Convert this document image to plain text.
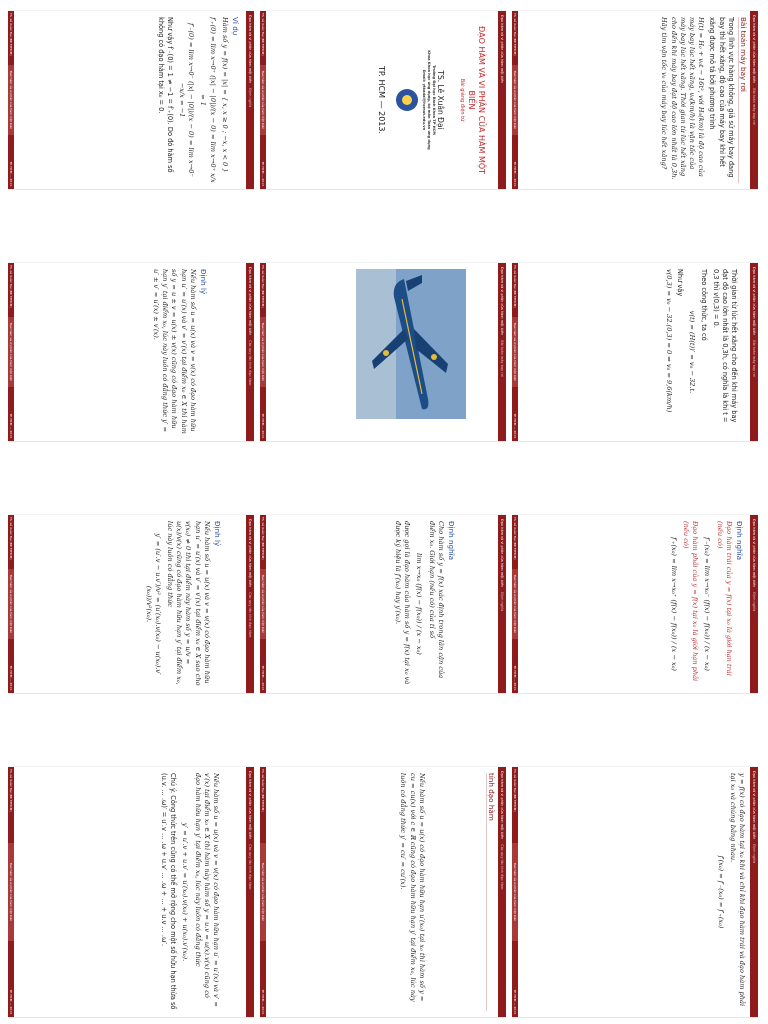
Đạo hàm và vi phân của hàm một biếnBài toán máy bay rơi
Bài toán máy bay rơi
Trong lĩnh vực hàng không, giả sử máy bay đang bay thì hết xăng, độ cao của máy bay khi hết xăng được mô tả bởi phương trình
H(t) = H₀ + v₀t − 16t², với H₀(km) là độ cao của máy bay lúc hết xăng, v₀(km/h) là vận tốc của máy bay lúc hết xăng. Thời gian từ lúc hết xăng cho đến khi máy bay đạt độ cao lớn nhất là 0,3h. Hãy tìm vận tốc v₀ của máy bay lúc hết xăng?
TS. Lê Xuân Đại (BK TPHCM)
Đạo hàm và vi phân của hàm một biến
TP. HCM — 2013.
Đạo hàm và vi phân của hàm một biếnBài toán máy bay rơi
Thời gian từ lúc hết xăng cho đến khi máy bay đạt độ cao lớn nhất là 0,3h, có nghĩa là khi t = 0,3 thì v(0,3) = 0.
Theo công thức, ta có
v(t) = (H(t))′ = v₀ − 32.t.
Như vậy
v(0,3) = v₀ − 32.(0,3) = 0 ⇒ v₀ = 9,6(km/h)
TS. Lê Xuân Đại (BK TPHCM)
Đạo hàm và vi phân của hàm một biến
TP. HCM — 2013.
Đạo hàm và vi phân của hàm một biếnĐịnh nghĩa
Định nghĩa
Đạo hàm trái của y = f(x) tại x₀ là giới hạn trái (nếu có)
f′₋(x₀) = lim x→x₀⁻ (f(x) − f(x₀)) / (x − x₀)
Đạo hàm phải của y = f(x) tại x₀ là giới hạn phải (nếu có)
f′₊(x₀) = lim x→x₀⁺ (f(x) − f(x₀)) / (x − x₀)
TS. Lê Xuân Đại (BK TPHCM)
Đạo hàm và vi phân của hàm một biến
TP. HCM — 2013.
Đạo hàm và vi phân của hàm một biếnĐịnh nghĩa
y = f(x) có đạo hàm tại x₀ khi và chỉ khi đạo hàm trái và đạo hàm phải tại x₀ và chúng bằng nhau.
f′(x₀) = f′₋(x₀) = f′₊(x₀)
TS. Lê Xuân Đại (BK TPHCM)
Đạo hàm và vi phân của hàm một biến
TP. HCM — 2013.
Đạo hàm và vi phân của hàm một biến
ĐẠO HÀM VÀ VI PHÂN CỦA HÀM MỘT BIẾN
Bài giảng điện tử
TS. Lê Xuân Đại
Trường Đại học Bách Khoa TP HCM
Khoa Khoa học ứng dụng, bộ môn Toán ứng dụng
Email: ytkadai@hcmut.edu.vn
TP. HCM — 2013.
TS. Lê Xuân Đại (BK TPHCM)
Đạo hàm và vi phân của hàm một biến
TP. HCM — 2013.
Đạo hàm và vi phân của hàm một biếnBài toán máy bay rơi
TS. Lê Xuân Đại (BK TPHCM)
Đạo hàm và vi phân của hàm một biến
TP. HCM — 2013.
Đạo hàm và vi phân của hàm một biếnĐịnh nghĩa
Định nghĩa
Cho hàm số y = f(x) xác định trong lân cận của điểm x₀. Giới hạn (nếu có) của tỉ số
lim x→x₀ (f(x) − f(x₀)) / (x − x₀)
được gọi là đạo hàm của hàm số y = f(x) tại x₀ và được ký hiệu là f′(x₀) hay y′(x₀).
TS. Lê Xuân Đại (BK TPHCM)
Đạo hàm và vi phân của hàm một biến
TP. HCM — 2013.
Đạo hàm và vi phân của hàm một biếnCác quy tắc tính đạo hàm
tính đạo hàm
Nếu hàm số u = u(x) có đạo hàm hữu hạn u′(x₀) tại x₀ thì hàm số y = cu = cu(x) với c ∈ ℝ cũng có đạo hàm hữu hạn y′ tại điểm x₀, lúc này luôn có đẳng thức y′ = cu′ = cu′(x).
TS. Lê Xuân Đại (BK TPHCM)
Đạo hàm và vi phân của hàm một biến
TP. HCM — 2013.
Đạo hàm và vi phân của hàm một biếnĐịnh nghĩa
Ví dụ
Hàm số y = f(x) = |x| = { x, x ≥ 0 ; −x, x < 0 }
f′₊(0) = lim x→0⁺ (|x| − |0|)/(x − 0) = lim x→0⁺ x/x = 1
f′₋(0) = lim x→0⁻ (|x| − |0|)/(x − 0) = lim x→0⁻ −x/x = −1
Như vậy f′₋(0) = 1 ≠ −1 = f′₊(0). Do đó hàm số không có đạo hàm tại x₀ = 0.
TS. Lê Xuân Đại (BK TPHCM)
Đạo hàm và vi phân của hàm một biến
TP. HCM — 2013.
Đạo hàm và vi phân của hàm một biếnCác quy tắc tính đạo hàm
Định lý
Nếu hàm số u = u(x) và v = v(x) có đạo hàm hữu hạn u′ = u′(x) và v′ = v′(x) tại điểm x₀ ∈ X thì hàm số y = u ± v = u(x) ± v(x) cũng có đạo hàm hữu hạn y′ tại điểm x₀, lúc này luôn có đẳng thức y′ = u′ ± v′ = u′(x) ± v′(x).
TS. Lê Xuân Đại (BK TPHCM)
Đạo hàm và vi phân của hàm một biến
TP. HCM — 2013.
Đạo hàm và vi phân của hàm một biếnCác quy tắc tính đạo hàm
Định lý
Nếu hàm số u = u(x) và v = v(x) có đạo hàm hữu hạn u′ = u′(x) và v′ = v′(x) tại điểm x₀ ∈ X sao cho v(x₀) ≠ 0 thì tại điểm này hàm số y = u/v = u(x)/v(x) cũng có đạo hàm hữu hạn y′ tại điểm x₀, lúc này luôn có đẳng thức
y′ = (u′.v − u.v′)/v² = (u′(x₀).v(x₀) − u(x₀).v′(x₀))/v²(x₀).
TS. Lê Xuân Đại (BK TPHCM)
Đạo hàm và vi phân của hàm một biến
TP. HCM — 2013.
Đạo hàm và vi phân của hàm một biếnCác quy tắc tính đạo hàm
Nếu hàm số u = u(x) và v = v(x) có đạo hàm hữu hạn u′ = u′(x) và v′ = v′(x) tại điểm x₀ ∈ X thì hàm này hàm số y = u.v = u(x).v(x) cũng có đạo hàm hữu hạn y′ tại điểm x₀, lúc này luôn có đẳng thức
y′ = u′.v + u.v′ = u′(x₀).v(x₀) + u(x₀).v′(x₀).
Chú ý. Công thức trên cũng có thể mở rộng cho một số hữu hạn thừa số (u.v. ... .ω)′ = u′.v ... .ω + u.v′ ... .ω + ... + u.v ... .ω′.
TS. Lê Xuân Đại (BK TPHCM)
Đạo hàm và vi phân của hàm một biến
TP. HCM — 2013.
